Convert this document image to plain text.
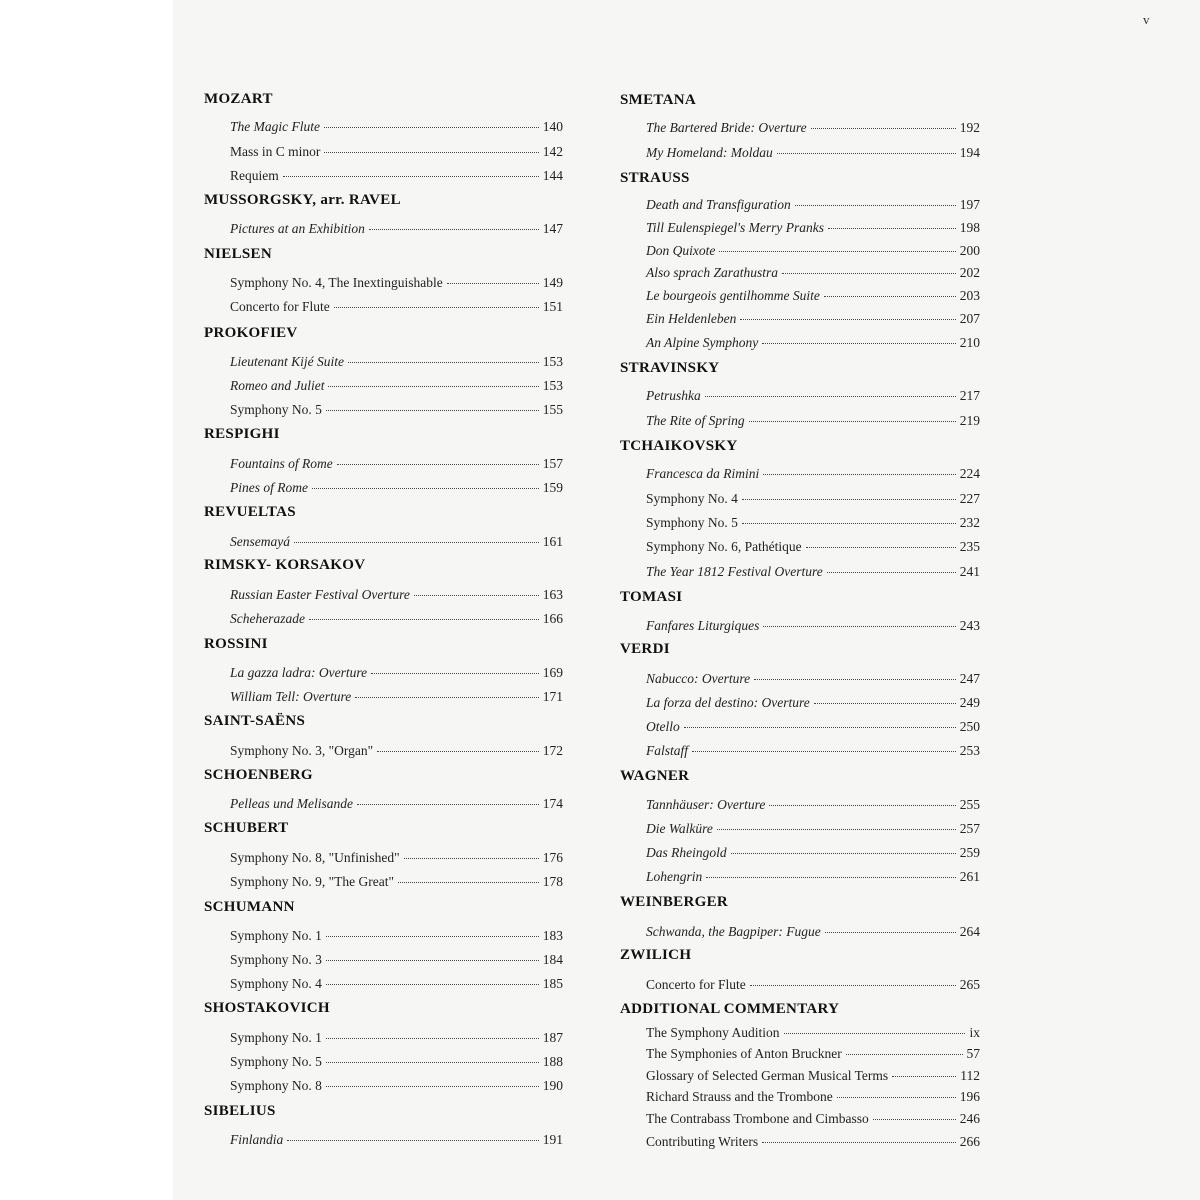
v
MOZART
The Magic Flute	140
Mass in C minor	142
Requiem	144
MUSSORGSKY, arr. RAVEL
Pictures at an Exhibition	147
NIELSEN
Symphony No. 4, The Inextinguishable	149
Concerto for Flute	151
PROKOFIEV
Lieutenant Kijé Suite	153
Romeo and Juliet	153
Symphony No. 5	155
RESPIGHI
Fountains of Rome	157
Pines of Rome	159
REVUELTAS
Sensemayá	161
RIMSKY- KORSAKOV
Russian Easter Festival Overture	163
Scheherazade	166
ROSSINI
La gazza ladra: Overture	169
William Tell: Overture	171
SAINT-SAËNS
Symphony No. 3, "Organ"	172
SCHOENBERG
Pelleas und Melisande	174
SCHUBERT
Symphony No. 8, "Unfinished"	176
Symphony No. 9, "The Great"	178
SCHUMANN
Symphony No. 1	183
Symphony No. 3	184
Symphony No. 4	185
SHOSTAKOVICH
Symphony No. 1	187
Symphony No. 5	188
Symphony No. 8	190
SIBELIUS
Finlandia	191
SMETANA
The Bartered Bride: Overture	192
My Homeland: Moldau	194
STRAUSS
Death and Transfiguration	197
Till Eulenspiegel's Merry Pranks	198
Don Quixote	200
Also sprach Zarathustra	202
Le bourgeois gentilhomme Suite	203
Ein Heldenleben	207
An Alpine Symphony	210
STRAVINSKY
Petrushka	217
The Rite of Spring	219
TCHAIKOVSKY
Francesca da Rimini	224
Symphony No. 4	227
Symphony No. 5	232
Symphony No. 6, Pathétique	235
The Year 1812 Festival Overture	241
TOMASI
Fanfares Liturgiques	243
VERDI
Nabucco: Overture	247
La forza del destino: Overture	249
Otello	250
Falstaff	253
WAGNER
Tannhäuser: Overture	255
Die Walküre	257
Das Rheingold	259
Lohengrin	261
WEINBERGER
Schwanda, the Bagpiper: Fugue	264
ZWILICH
Concerto for Flute	265
ADDITIONAL COMMENTARY
The Symphony Audition	ix
The Symphonies of Anton Bruckner	57
Glossary of Selected German Musical Terms	112
Richard Strauss and the Trombone	196
The Contrabass Trombone and Cimbasso	246
Contributing Writers	266
